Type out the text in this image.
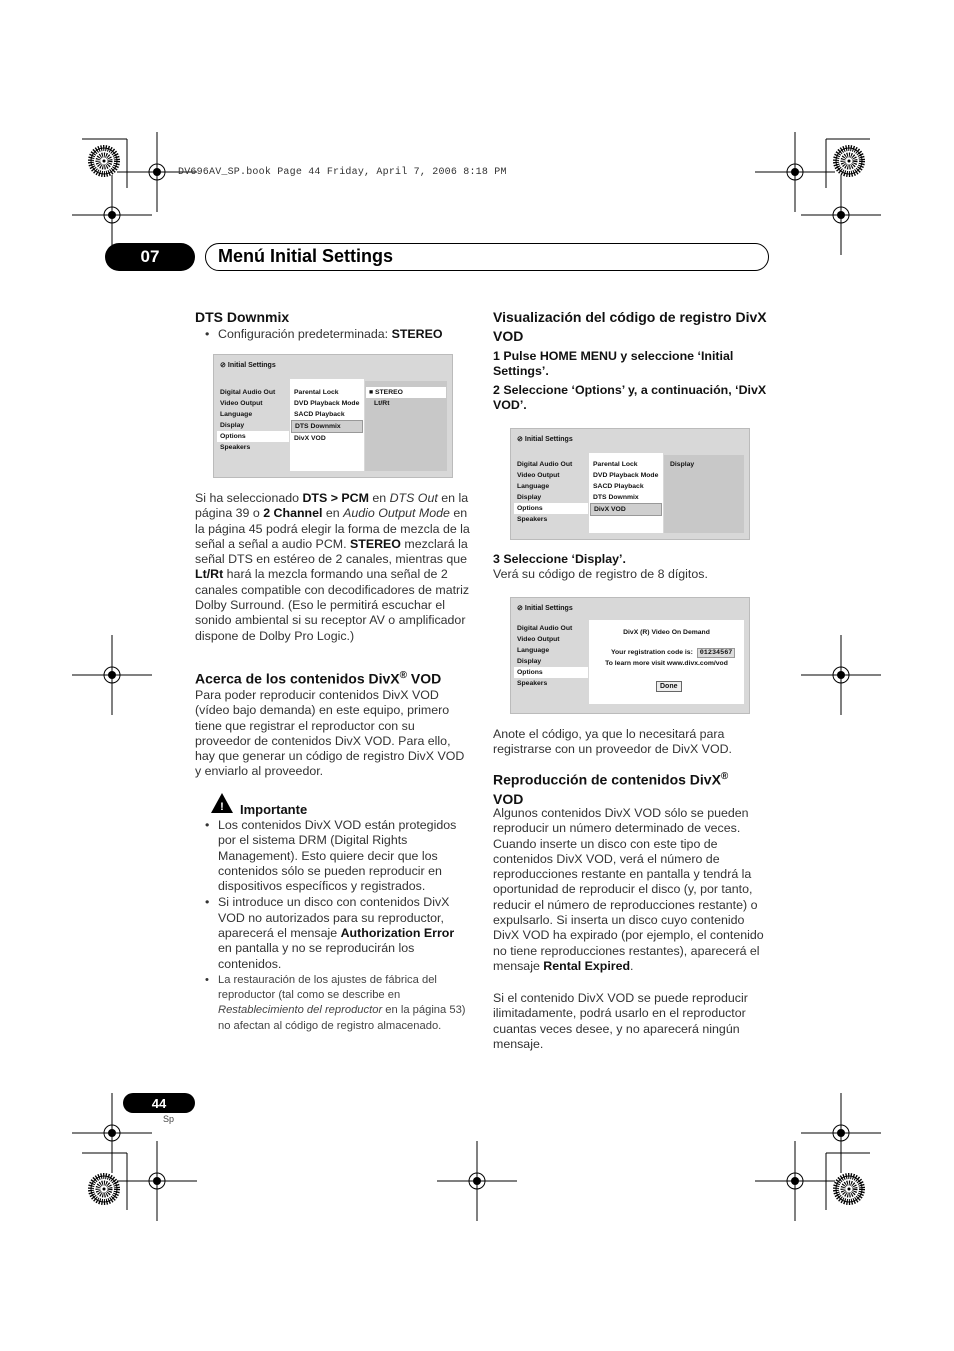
DV696AV_SP.book Page 44 Friday, April 7, 2006 8:18 PM
07	Menú Initial Settings
DTS Downmix
• Configuración predeterminada: STEREO
⊘ Initial Settings
Digital Audio Out
Video Output
Language
Display
Options
Speakers
Parental Lock
DVD Playback Mode
SACD Playback
DTS Downmix
DivX VOD
■ STEREO
Lt/Rt
Si ha seleccionado DTS > PCM en DTS Out en la página 39 o 2 Channel en Audio Output Mode en la página 45 podrá elegir la forma de mezcla de la señal a señal a audio PCM. STEREO mezclará la señal DTS en estéreo de 2 canales, mientras que Lt/Rt hará la mezcla formando una señal de 2 canales compatible con decodificadores de matriz Dolby Surround. (Eso le permitirá escuchar el sonido ambiental si su receptor AV o amplificador dispone de Dolby Pro Logic.)
Acerca de los contenidos DivX® VOD
Para poder reproducir contenidos DivX VOD (vídeo bajo demanda) en este equipo, primero tiene que registrar el reproductor con su proveedor de contenidos DivX VOD. Para ello, hay que generar un código de registro DivX VOD y enviarlo al proveedor.
! Importante
• Los contenidos DivX VOD están protegidos por el sistema DRM (Digital Rights Management). Esto quiere decir que los contenidos sólo se pueden reproducir en dispositivos específicos y registrados.
• Si introduce un disco con contenidos DivX VOD no autorizados para su reproductor, aparecerá el mensaje Authorization Error en pantalla y no se reproducirán los contenidos.
• La restauración de los ajustes de fábrica del reproductor (tal como se describe en Restablecimiento del reproductor en la página 53) no afectan al código de registro almacenado.
Visualización del código de registro DivX VOD
1 Pulse HOME MENU y seleccione ‘Initial Settings’.
2 Seleccione ‘Options’ y, a continuación, ‘DivX VOD’.
⊘ Initial Settings
Digital Audio Out
Video Output
Language
Display
Options
Speakers
Parental Lock
DVD Playback Mode
SACD Playback
DTS Downmix
DivX VOD
Display
3 Seleccione ‘Display’.
Verá su código de registro de 8 dígitos.
⊘ Initial Settings
Digital Audio Out
Video Output
Language
Display
Options
Speakers
DivX (R) Video On Demand
Your registration code is: 01234567
To learn more visit www.divx.com/vod
Done
Anote el código, ya que lo necesitará para registrarse con un proveedor de DivX VOD.
Reproducción de contenidos DivX®
VOD
Algunos contenidos DivX VOD sólo se pueden reproducir un número determinado de veces. Cuando inserte un disco con este tipo de contenidos DivX VOD, verá el número de reproducciones restante en pantalla y tendrá la oportunidad de reproducir el disco (y, por tanto, reducir el número de reproducciones restante) o expulsarlo. Si inserta un disco cuyo contenido DivX VOD ha expirado (por ejemplo, el contenido no tiene reproducciones restantes), aparecerá el mensaje Rental Expired.
Si el contenido DivX VOD se puede reproducir ilimitadamente, podrá usarlo en el reproductor cuantas veces desee, y no aparecerá ningún mensaje.
44
Sp
